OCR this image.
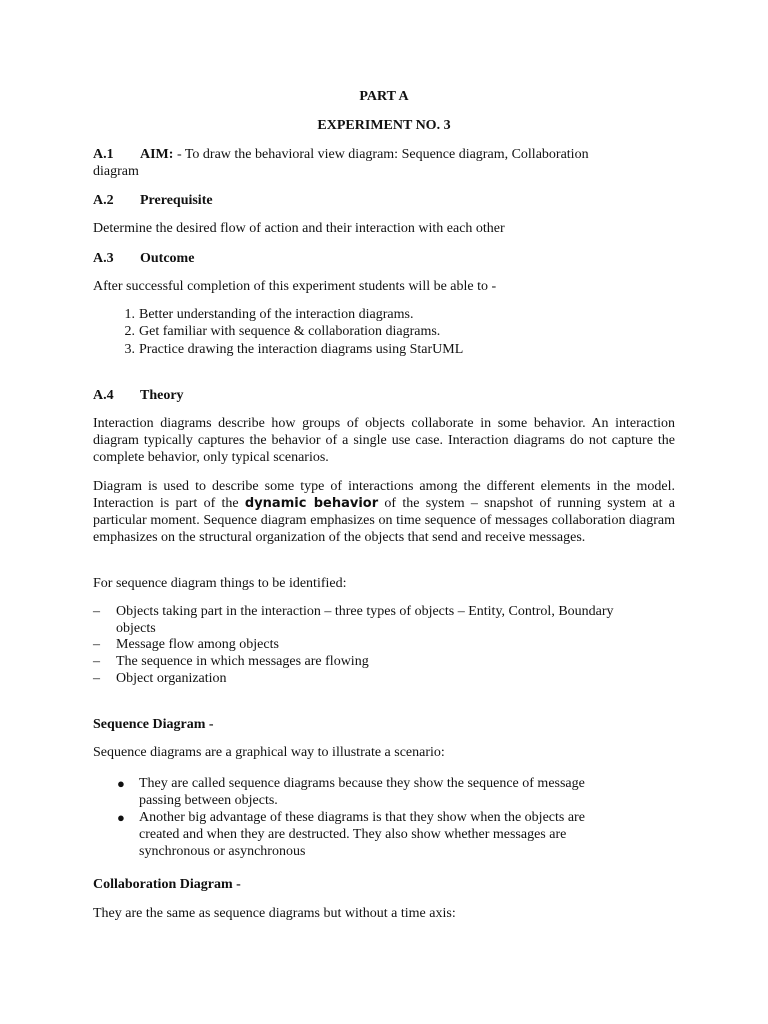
PART A
EXPERIMENT NO. 3
A.1 AIM: - To draw the behavioral view diagram: Sequence diagram, Collaboration
diagram
A.2 Prerequisite
Determine the desired flow of action and their interaction with each other
A.3 Outcome
After successful completion of this experiment students will be able to -
1. Better understanding of the interaction diagrams.
2. Get familiar with sequence & collaboration diagrams.
3. Practice drawing the interaction diagrams using StarUML
A.4 Theory
Interaction diagrams describe how groups of objects collaborate in some behavior. An interaction diagram typically captures the behavior of a single use case. Interaction diagrams do not capture the complete behavior, only typical scenarios.
Diagram is used to describe some type of interactions among the different elements in the model. Interaction is part of the dynamic behavior of the system – snapshot of running system at a particular moment. Sequence diagram emphasizes on time sequence of messages collaboration diagram emphasizes on the structural organization of the objects that send and receive messages.
For sequence diagram things to be identified:
– Objects taking part in the interaction – three types of objects – Entity, Control, Boundary
objects
– Message flow among objects
– The sequence in which messages are flowing
– Object organization
Sequence Diagram -
Sequence diagrams are a graphical way to illustrate a scenario:
● They are called sequence diagrams because they show the sequence of message
passing between objects.
● Another big advantage of these diagrams is that they show when the objects are
created and when they are destructed. They also show whether messages are
synchronous or asynchronous
Collaboration Diagram -
They are the same as sequence diagrams but without a time axis:
